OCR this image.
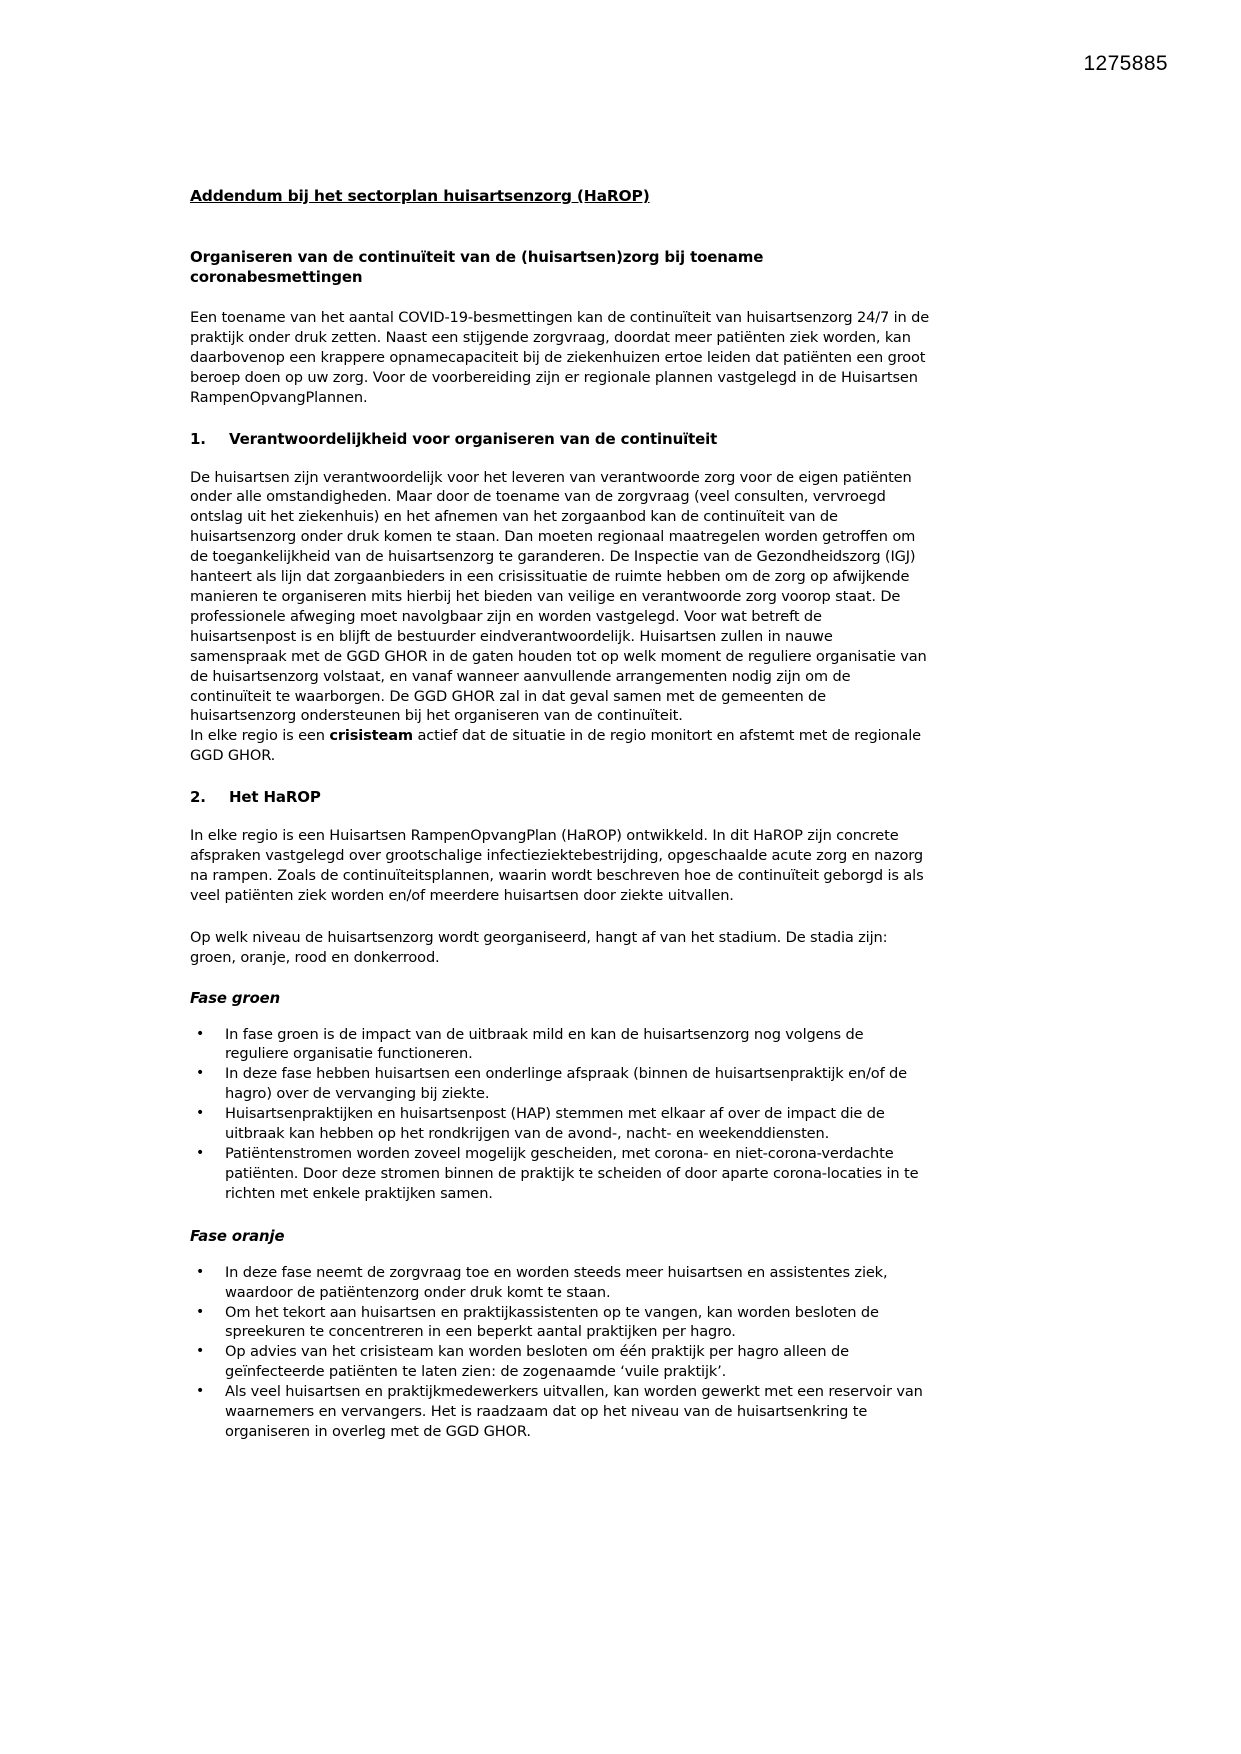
1275885
Addendum bij het sectorplan huisartsenzorg (HaROP)
Organiseren van de continuïteit van de (huisartsen)zorg bij toename coronabesmettingen

Een toename van het aantal COVID-19-besmettingen kan de continuïteit van huisartsenzorg 24/7 in de praktijk onder druk zetten. Naast een stijgende zorgvraag, doordat meer patiënten ziek worden, kan daarbovenop een krappere opnamecapaciteit bij de ziekenhuizen ertoe leiden dat patiënten een groot beroep doen op uw zorg. Voor de voorbereiding zijn er regionale plannen vastgelegd in de Huisartsen RampenOpvangPlannen.

1.	Verantwoordelijkheid voor organiseren van de continuïteit

De huisartsen zijn verantwoordelijk voor het leveren van verantwoorde zorg voor de eigen patiënten onder alle omstandigheden. Maar door de toename van de zorgvraag (veel consulten, vervroegd ontslag uit het ziekenhuis) en het afnemen van het zorgaanbod kan de continuïteit van de huisartsenzorg onder druk komen te staan. Dan moeten regionaal maatregelen worden getroffen om de toegankelijkheid van de huisartsenzorg te garanderen. De Inspectie van de Gezondheidszorg (IGJ) hanteert als lijn dat zorgaanbieders in een crisissituatie de ruimte hebben om de zorg op afwijkende manieren te organiseren mits hierbij het bieden van veilige en verantwoorde zorg voorop staat. De professionele afweging moet navolgbaar zijn en worden vastgelegd. Voor wat betreft de huisartsenpost is en blijft de bestuurder eindverantwoordelijk. Huisartsen zullen in nauwe samenspraak met de GGD GHOR in de gaten houden tot op welk moment de reguliere organisatie van de huisartsenzorg volstaat, en vanaf wanneer aanvullende arrangementen nodig zijn om de continuïteit te waarborgen. De GGD GHOR zal in dat geval samen met de gemeenten de huisartsenzorg ondersteunen bij het organiseren van de continuïteit.

In elke regio is een crisisteam actief dat de situatie in de regio monitort en afstemt met de regionale GGD GHOR.

2.	Het HaROP

In elke regio is een Huisartsen RampenOpvangPlan (HaROP) ontwikkeld. In dit HaROP zijn concrete afspraken vastgelegd over grootschalige infectieziektebestrijding, opgeschaalde acute zorg en nazorg na rampen. Zoals de continuïteitsplannen, waarin wordt beschreven hoe de continuïteit geborgd is als veel patiënten ziek worden en/of meerdere huisartsen door ziekte uitvallen.

Op welk niveau de huisartsenzorg wordt georganiseerd, hangt af van het stadium. De stadia zijn: groen, oranje, rood en donkerrood.

Fase groen
• In fase groen is de impact van de uitbraak mild en kan de huisartsenzorg nog volgens de reguliere organisatie functioneren.
• In deze fase hebben huisartsen een onderlinge afspraak (binnen de huisartsenpraktijk en/of de hagro) over de vervanging bij ziekte.
• Huisartsenpraktijken en huisartsenpost (HAP) stemmen met elkaar af over de impact die de uitbraak kan hebben op het rondkrijgen van de avond-, nacht- en weekenddiensten.
• Patiëntenstromen worden zoveel mogelijk gescheiden, met corona- en niet-corona-verdachte patiënten. Door deze stromen binnen de praktijk te scheiden of door aparte corona-locaties in te richten met enkele praktijken samen.
Fase oranje
• In deze fase neemt de zorgvraag toe en worden steeds meer huisartsen en assistentes ziek, waardoor de patiëntenzorg onder druk komt te staan.
• Om het tekort aan huisartsen en praktijkassistenten op te vangen, kan worden besloten de spreekuren te concentreren in een beperkt aantal praktijken per hagro.
• Op advies van het crisisteam kan worden besloten om één praktijk per hagro alleen de geïnfecteerde patiënten te laten zien: de zogenaamde ‘vuile praktijk’.
• Als veel huisartsen en praktijkmedewerkers uitvallen, kan worden gewerkt met een reservoir van waarnemers en vervangers. Het is raadzaam dat op het niveau van de huisartsenkring te organiseren in overleg met de GGD GHOR.
